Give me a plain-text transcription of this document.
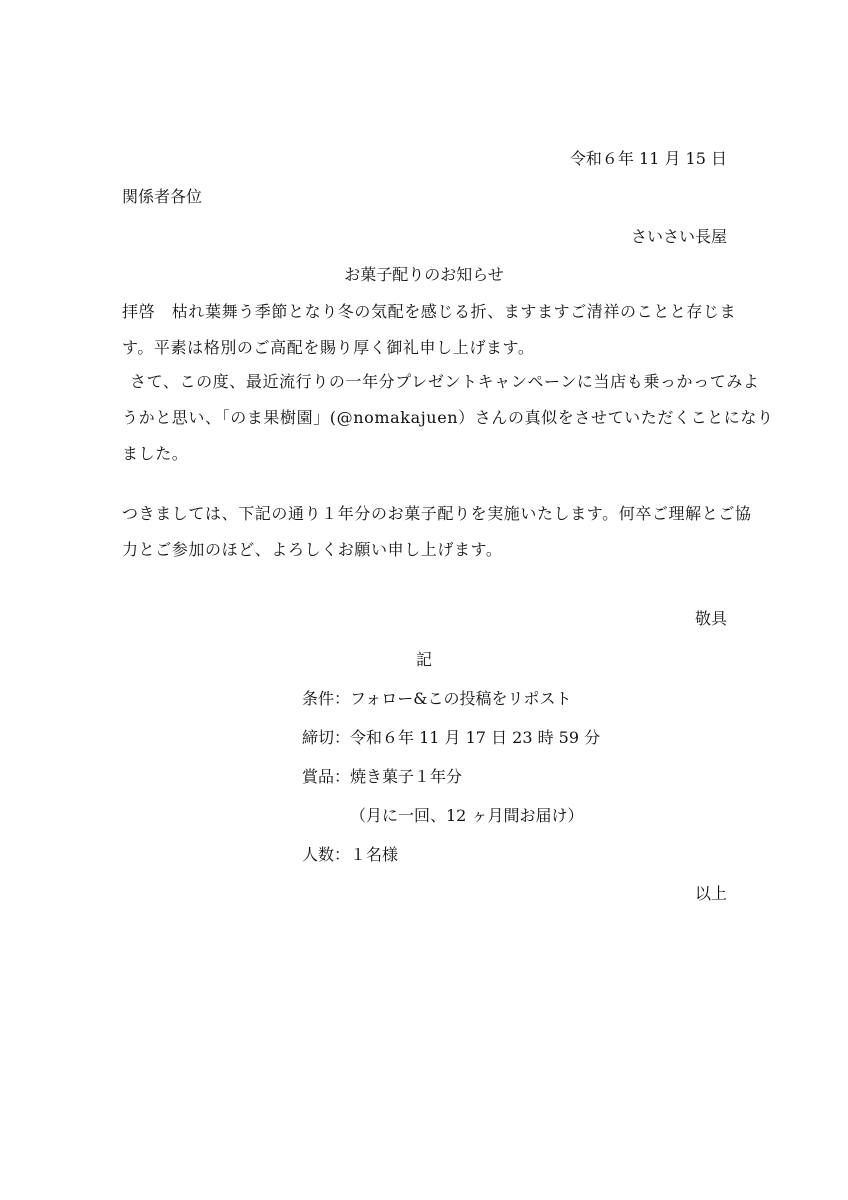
令和６年 11 月 15 日
関係者各位
さいさい長屋
お菓子配りのお知らせ
拝啓　枯れ葉舞う季節となり冬の気配を感じる折、ますますご清祥のことと存じま
す。平素は格別のご高配を賜り厚く御礼申し上げます。
さて、この度、最近流行りの一年分プレゼントキャンペーンに当店も乗っかってみよ
うかと思い、「のま果樹園」(@nomakajuen）さんの真似をさせていただくことになり
ました。
つきましては、下記の通り１年分のお菓子配りを実施いたします。何卒ご理解とご協
力とご参加のほど、よろしくお願い申し上げます。
敬具
記
条件：フォロー&この投稿をリポスト
締切：令和６年 11 月 17 日 23 時 59 分
賞品：焼き菓子１年分
（月に一回、12 ヶ月間お届け）
人数：１名様
以上
